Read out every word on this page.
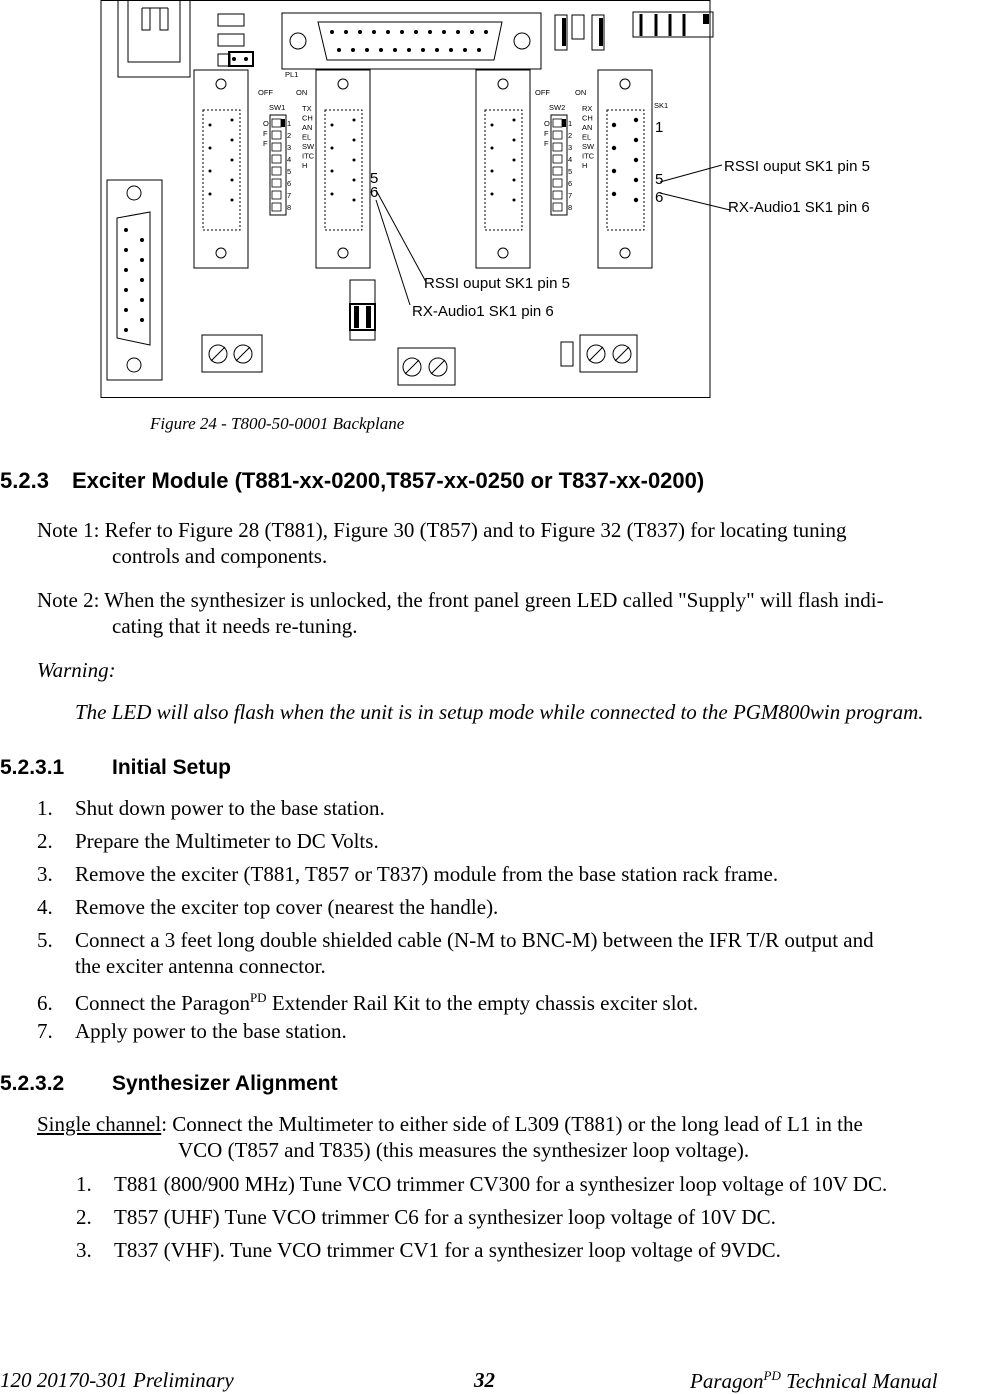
PL1
OFF	ON
SW1
OFF	ON
SW2	SK1
O
F
F
O
F
F
1
2
3
4
5
6
7
8
1
2
3
4
5
6
7
8
TX
CH
AN
EL
SW
ITC
H
RX
CH
AN
EL
SW
ITC
H
5
6
1
5
6
RSSI ouput SK1 pin 5
RX-Audio1 SK1 pin 6
RSSI ouput SK1 pin 5
RX-Audio1 SK1 pin 6
Figure 24 - T800-50-0001 Backplane
5.2.3 Exciter Module (T881-xx-0200,T857-xx-0250 or T837-xx-0200)
Note 1: Refer to Figure 28 (T881), Figure 30 (T857) and to Figure 32 (T837) for locating tuning
controls and components.
Note 2: When the synthesizer is unlocked, the front panel green LED called "Supply" will flash indi-
cating that it needs re-tuning.
Warning:
The LED will also flash when the unit is in setup mode while connected to the PGM800win program.
5.2.3.1 Initial Setup
1. Shut down power to the base station.
2. Prepare the Multimeter to DC Volts.
3. Remove the exciter (T881, T857 or T837) module from the base station rack frame.
4. Remove the exciter top cover (nearest the handle).
5. Connect a 3 feet long double shielded cable (N-M to BNC-M) between the IFR T/R output and
the exciter antenna connector.
6. Connect the Paragon$^{PD}$ Extender Rail Kit to the empty chassis exciter slot.
7. Apply power to the base station.
5.2.3.2 Synthesizer Alignment
Single channel: Connect the Multimeter to either side of L309 (T881) or the long lead of L1 in the
VCO (T857 and T835) (this measures the synthesizer loop voltage).
1. T881 (800/900 MHz) Tune VCO trimmer CV300 for a synthesizer loop voltage of 10V DC.
2. T857 (UHF) Tune VCO trimmer C6 for a synthesizer loop voltage of 10V DC.
3. T837 (VHF). Tune VCO trimmer CV1 for a synthesizer loop voltage of 9VDC.
120 20170-301 Preliminary	32	Paragon$^{PD}$ Technical Manual
